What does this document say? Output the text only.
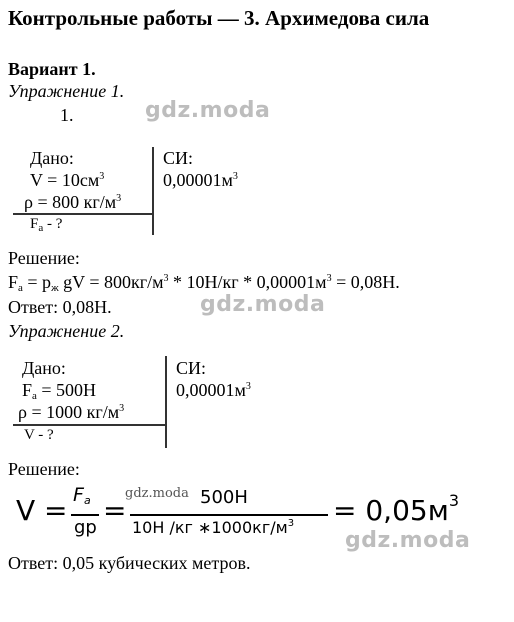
Контрольные работы — 3. Архимедова сила
Вариант 1.
Упражнение 1.
1.	gdz.moda
Дано:
$V = 10см^3$
ρ = 800 $кг/м^3$
$F_a$ - ?
СИ:
$0,00001м^3$
Решение:
$F_a = p_ж$ gV = $800кг/м^3 * 10Н/кг * 0,00001м^3 = 0,08Н$.
Ответ: 0,08Н.	gdz.moda
Упражнение 2.
Дано:
$F_a = 500Н$
ρ = 1000 $кг/м^3$
V - ?
СИ:
$0,00001м^3$
Решение:
$V = F_a$
gp
=
gdz.moda 500Н
10Н /кг $∗1000кг/м^3 = 0,05м^3$
gdz.moda
Ответ: 0,05 кубических метров.
